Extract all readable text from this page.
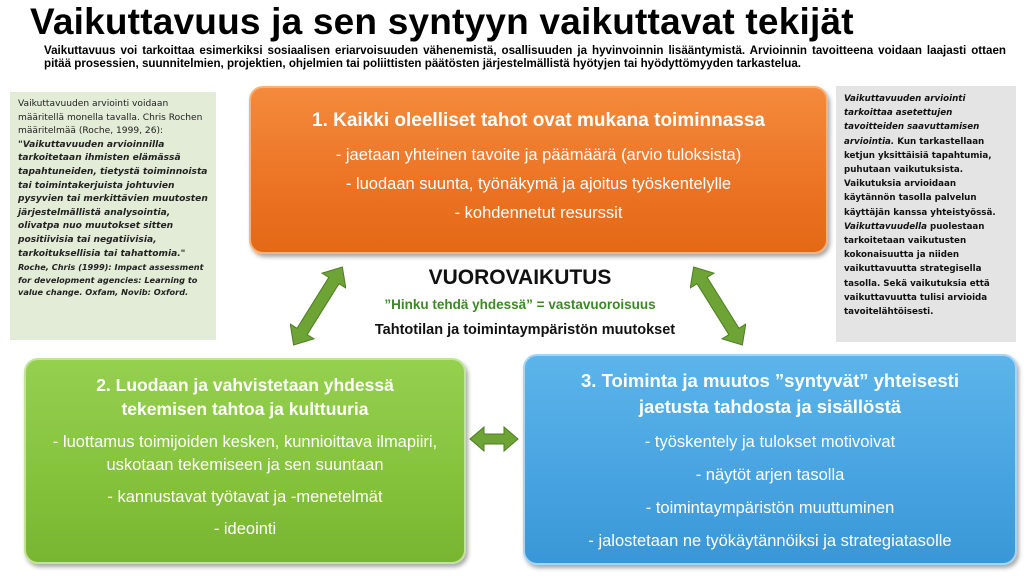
Vaikuttavuus ja sen syntyyn vaikuttavat tekijät
Vaikuttavuus voi tarkoittaa esimerkiksi sosiaalisen eriarvoisuuden vähenemistä, osallisuuden ja hyvinvoinnin lisääntymistä. Arvioinnin tavoitteena voidaan laajasti ottaen pitää prosessien, suunnitelmien, projektien, ohjelmien tai poliittisten päätösten järjestelmällistä hyötyjen tai hyödyttömyyden tarkastelua.
Vaikuttavuuden arviointi voidaan määritellä monella tavalla. Chris Rochen määritelmää (Roche, 1999, 26): "Vaikuttavuuden arvioinnilla tarkoitetaan ihmisten elämässä tapahtuneiden, tietystä toiminnoista tai toimintakerjuista johtuvien pysyvien tai merkittävien muutosten järjestelmällistä analysointia, olivatpa nuo muutokset sitten positiivisia tai negatiivisia, tarkoituksellisia tai tahattomia."
Roche, Chris (1999): Impact assessment for development agencies: Learning to value change. Oxfam, Novib: Oxford.
Vaikuttavuuden arviointi tarkoittaa asetettujen tavoitteiden saavuttamisen arviointia. Kun tarkastellaan ketjun yksittäisiä tapahtumia, puhutaan vaikutuksista. Vaikutuksia arvioidaan käytännön tasolla palvelun käyttäjän kanssa yhteistyössä. Vaikuttavuudella puolestaan tarkoitetaan vaikutusten kokonaisuutta ja niiden vaikuttavuutta strategisella tasolla. Sekä vaikutuksia että vaikuttavuutta tulisi arvioida tavoitelähtöisesti.
1. Kaikki oleelliset tahot ovat mukana toiminnassa

- jaetaan yhteinen tavoite ja päämäärä (arvio tuloksista)

- luodaan suunta, työnäkymä ja ajoitus työskentelylle

- kohdennetut resurssit

VUOROVAIKUTUS
”Hinku tehdä yhdessä” = vastavuoroisuus
Tahtotilan ja toimintaympäristön muutokset
2. Luodaan ja vahvistetaan yhdessä
tekemisen tahtoa ja kulttuuria

- luottamus toimijoiden kesken, kunnioittava ilmapiiri, uskotaan tekemiseen ja sen suuntaan

- kannustavat työtavat ja -menetelmät

- ideointi

3. Toiminta ja muutos ”syntyvät” yhteisesti
jaetusta tahdosta ja sisällöstä

- työskentely ja tulokset motivoivat

- näytöt arjen tasolla

- toimintaympäristön muuttuminen

- jalostetaan ne työkäytännöiksi ja strategiatasolle
